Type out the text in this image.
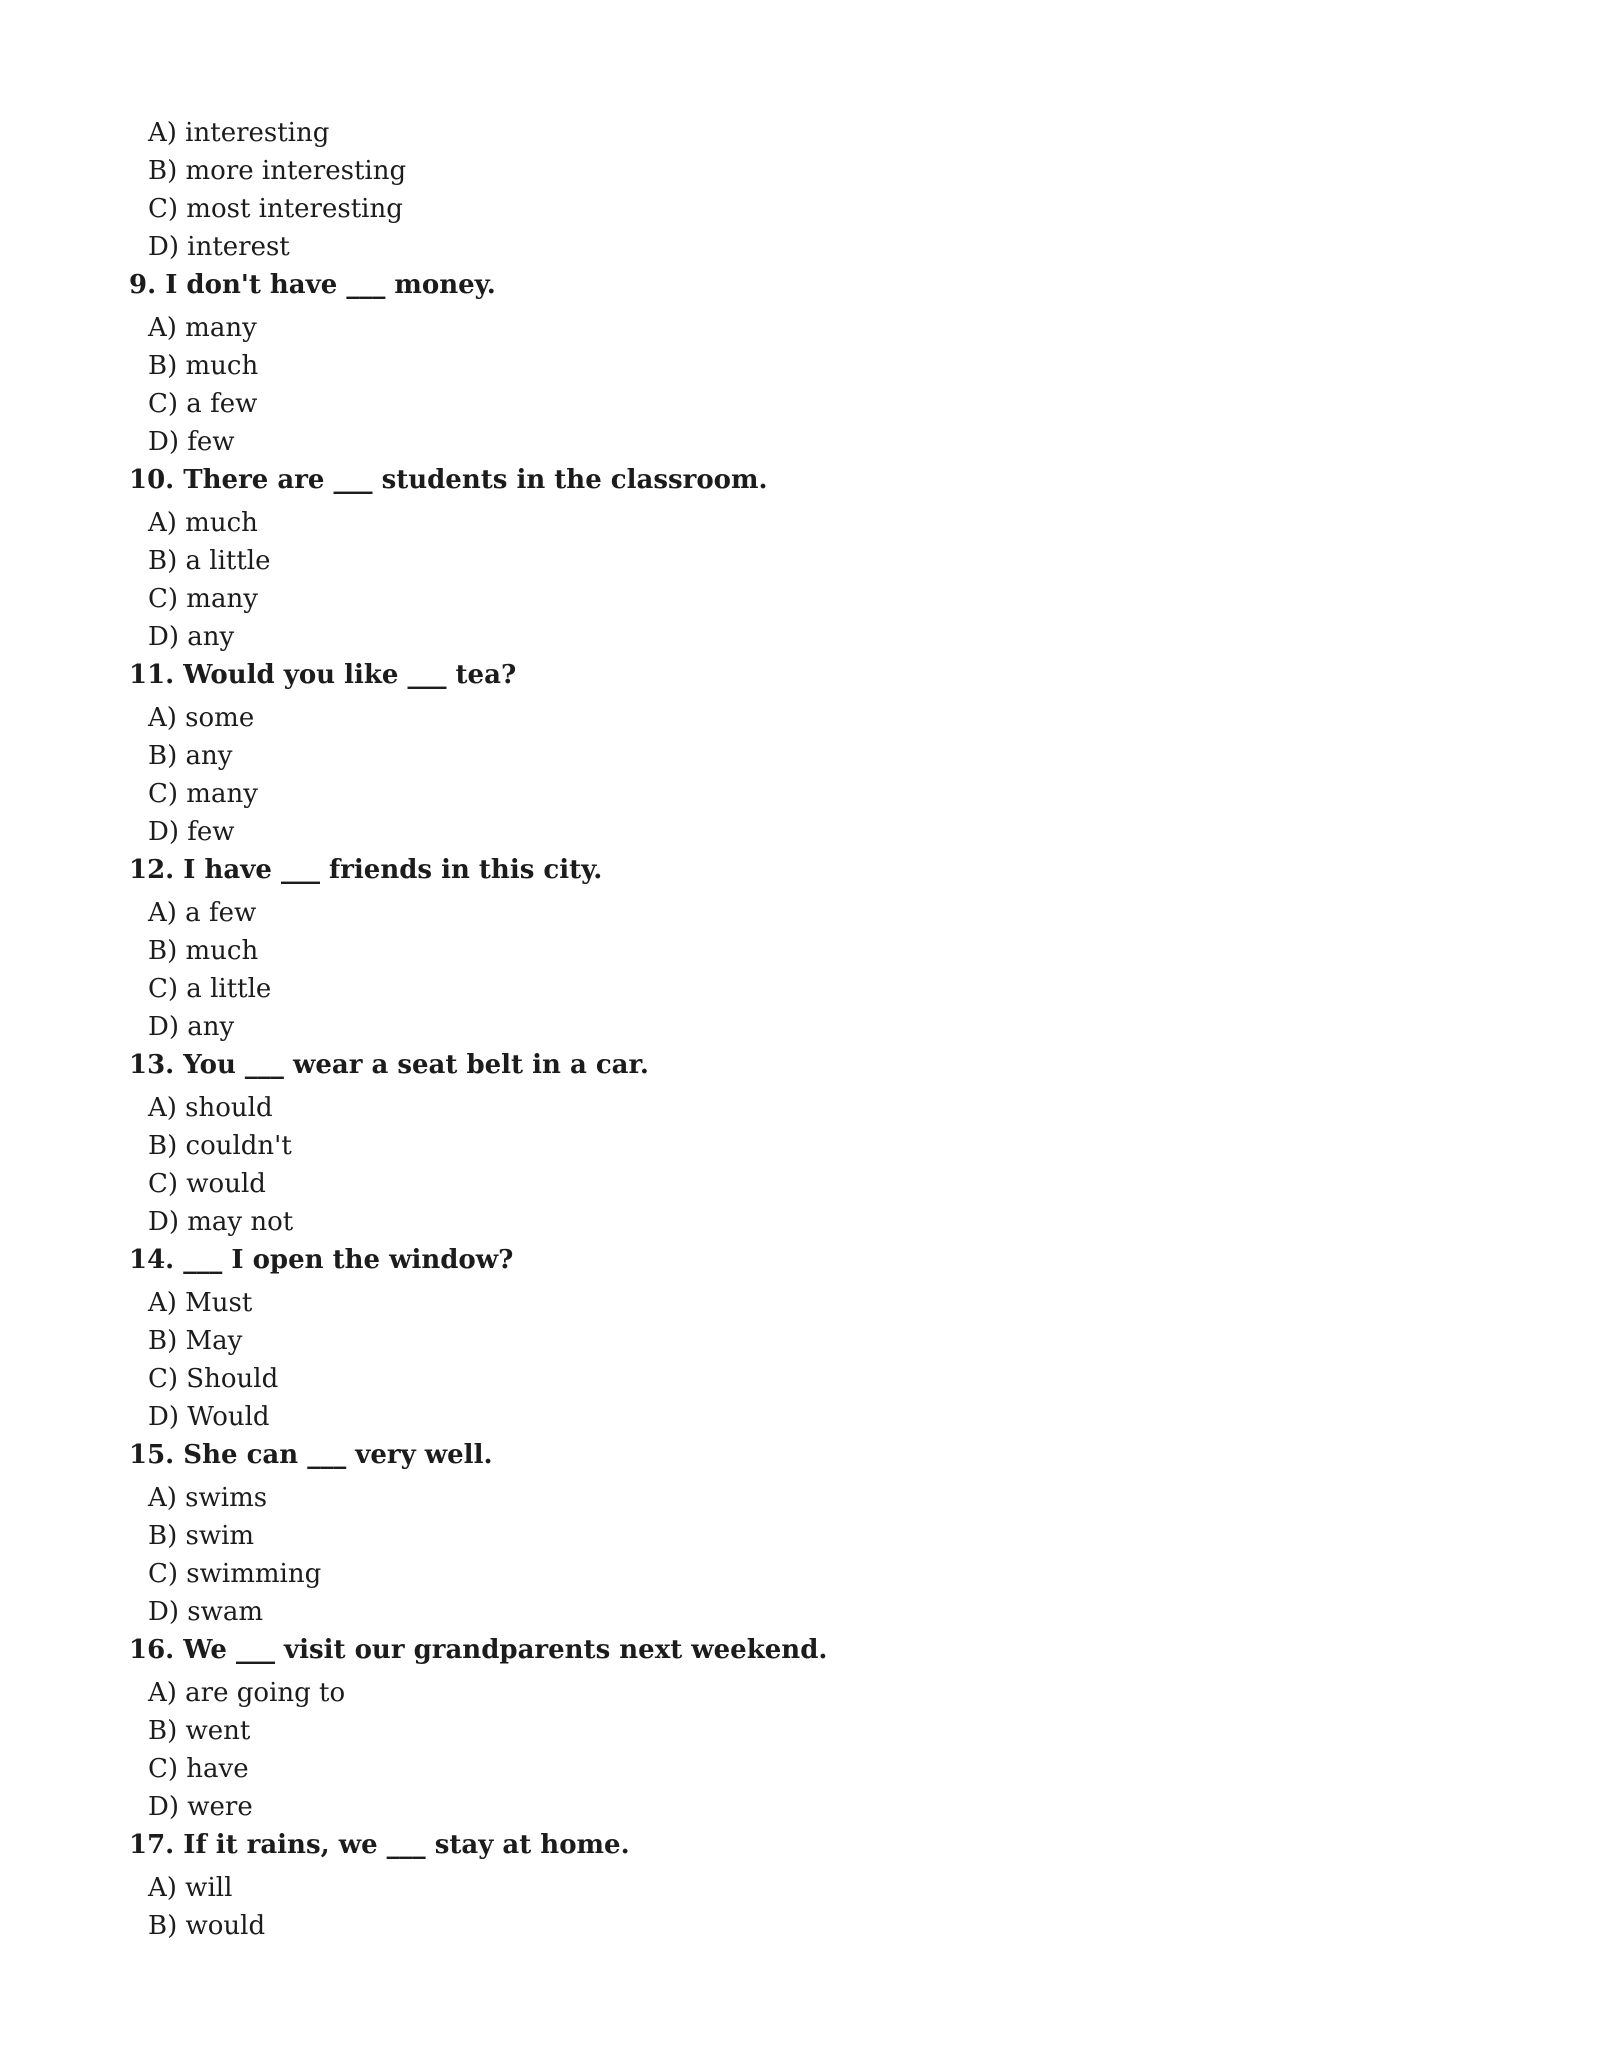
A) interesting
B) more interesting
C) most interesting
D) interest
9. I don't have ___ money.
A) many
B) much
C) a few
D) few
10. There are ___ students in the classroom.
A) much
B) a little
C) many
D) any
11. Would you like ___ tea?
A) some
B) any
C) many
D) few
12. I have ___ friends in this city.
A) a few
B) much
C) a little
D) any
13. You ___ wear a seat belt in a car.
A) should
B) couldn't
C) would
D) may not
14. ___ I open the window?
A) Must
B) May
C) Should
D) Would
15. She can ___ very well.
A) swims
B) swim
C) swimming
D) swam
16. We ___ visit our grandparents next weekend.
A) are going to
B) went
C) have
D) were
17. If it rains, we ___ stay at home.
A) will
B) would
